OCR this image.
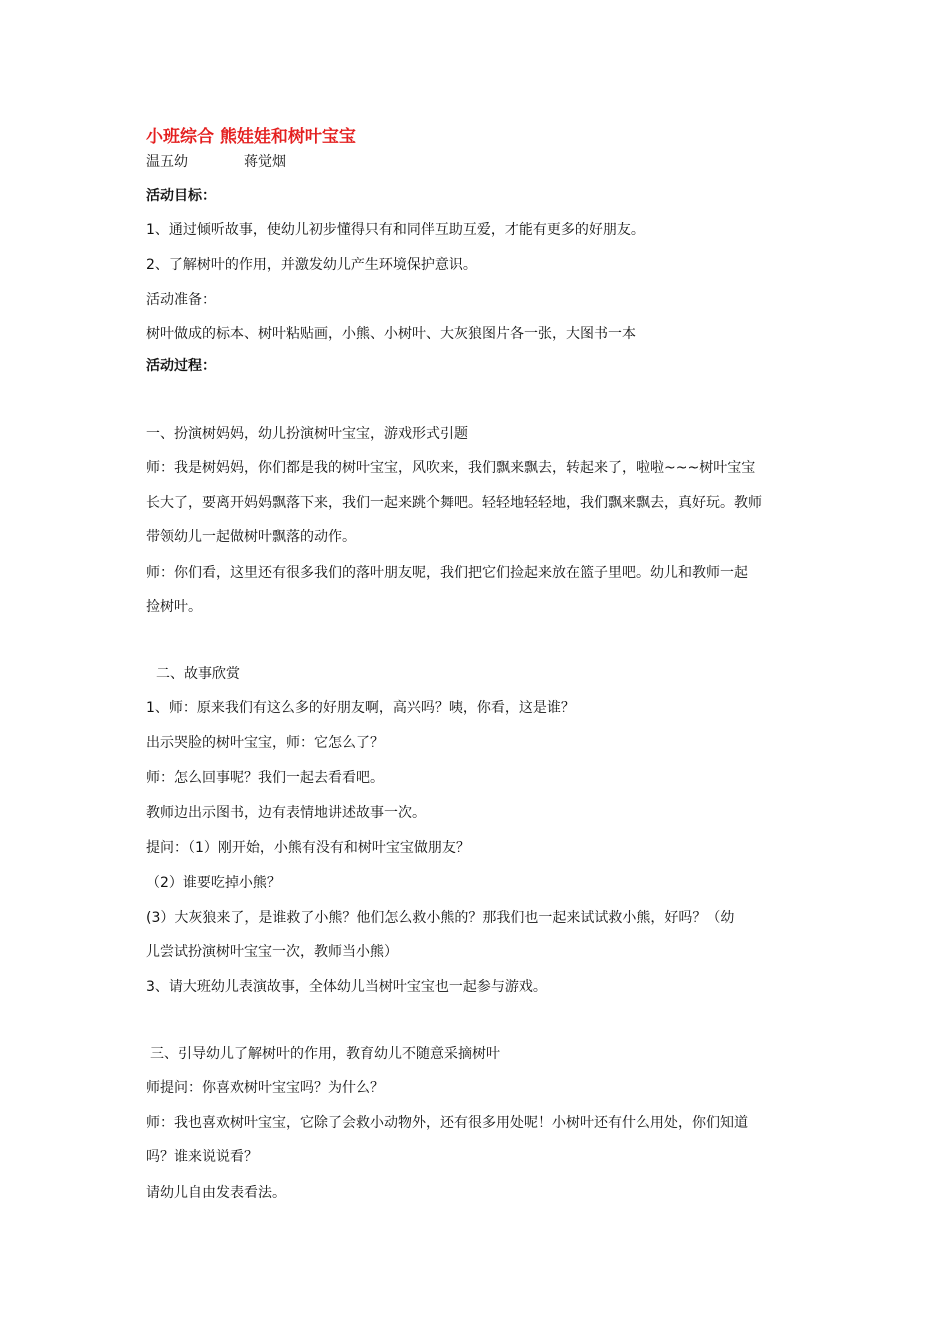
小班综合 熊娃娃和树叶宝宝
温五幼	蒋觉烟
活动目标：
1、通过倾听故事，使幼儿初步懂得只有和同伴互助互爱，才能有更多的好朋友。
2、了解树叶的作用，并激发幼儿产生环境保护意识。
活动准备：
树叶做成的标本、树叶粘贴画，小熊、小树叶、大灰狼图片各一张，大图书一本
活动过程：
一、扮演树妈妈，幼儿扮演树叶宝宝，游戏形式引题
师：我是树妈妈，你们都是我的树叶宝宝，风吹来，我们飘来飘去，转起来了，啦啦~~~树叶宝宝
长大了，要离开妈妈飘落下来，我们一起来跳个舞吧。轻轻地轻轻地，我们飘来飘去，真好玩。教师
带领幼儿一起做树叶飘落的动作。
师：你们看，这里还有很多我们的落叶朋友呢，我们把它们捡起来放在篮子里吧。幼儿和教师一起
捡树叶。
二、故事欣赏
1、师：原来我们有这么多的好朋友啊，高兴吗？咦，你看，这是谁？
出示哭脸的树叶宝宝，师：它怎么了？
师：怎么回事呢？我们一起去看看吧。
教师边出示图书，边有表情地讲述故事一次。
提问：（1）刚开始，小熊有没有和树叶宝宝做朋友？
（2）谁要吃掉小熊？
(3）大灰狼来了，是谁救了小熊？他们怎么救小熊的？那我们也一起来试试救小熊，好吗？（幼
儿尝试扮演树叶宝宝一次，教师当小熊）
3、请大班幼儿表演故事，全体幼儿当树叶宝宝也一起参与游戏。
三、引导幼儿了解树叶的作用，教育幼儿不随意采摘树叶
师提问：你喜欢树叶宝宝吗？为什么？
师：我也喜欢树叶宝宝，它除了会救小动物外，还有很多用处呢！小树叶还有什么用处，你们知道
吗？谁来说说看？
请幼儿自由发表看法。
